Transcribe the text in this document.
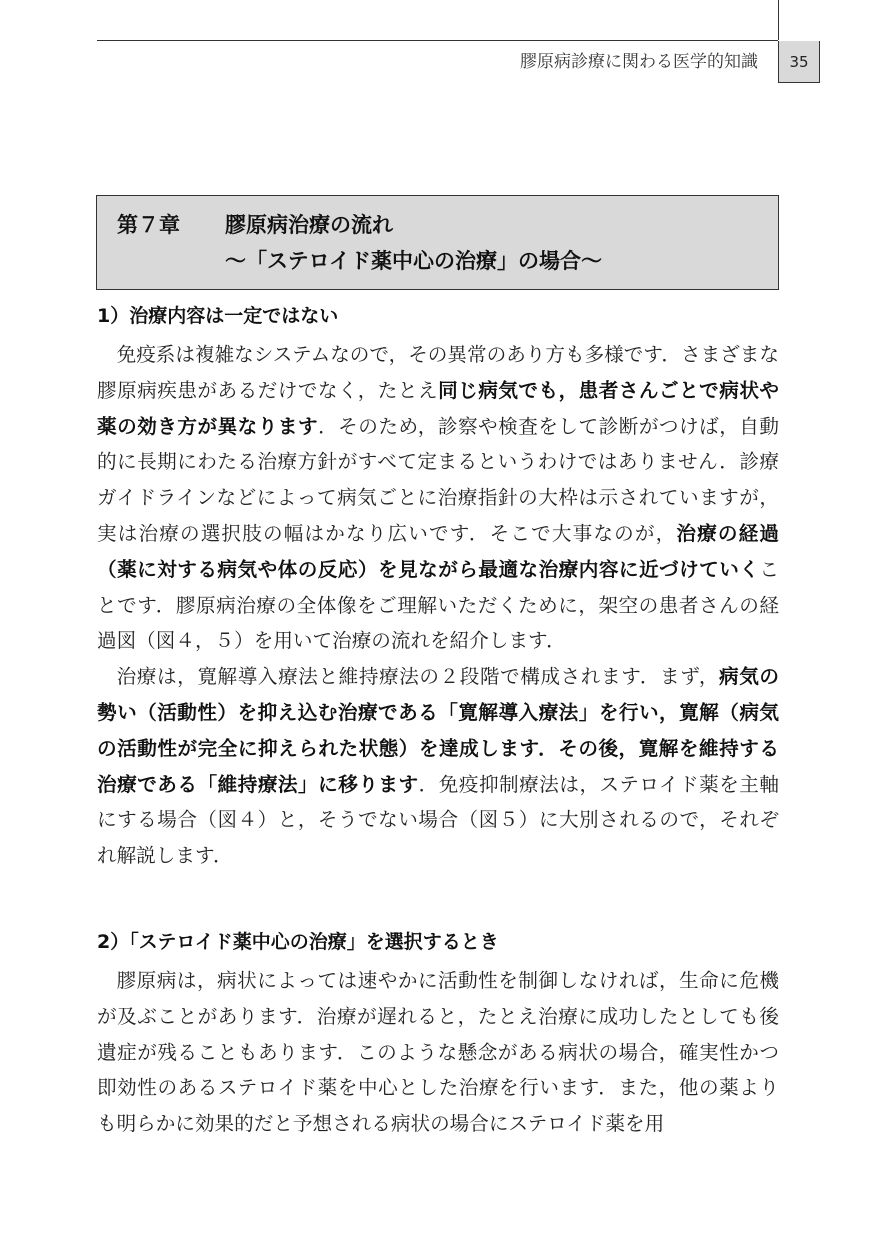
膠原病診療に関わる医学的知識	35
第７章 膠原病治療の流れ
～「ステロイド薬中心の治療」の場合～
1）治療内容は一定ではない

免疫系は複雑なシステムなので，その異常のあり方も多様です．さまざまな膠原病疾患があるだけでなく，たとえ同じ病気でも，患者さんごとで病状や薬の効き方が異なります．そのため，診察や検査をして診断がつけば，自動的に長期にわたる治療方針がすべて定まるというわけではありません．診療ガイドラインなどによって病気ごとに治療指針の大枠は示されていますが，実は治療の選択肢の幅はかなり広いです．そこで大事なのが，治療の経過（薬に対する病気や体の反応）を見ながら最適な治療内容に近づけていくことです．膠原病治療の全体像をご理解いただくために，架空の患者さんの経過図（図４，５）を用いて治療の流れを紹介します．

治療は，寛解導入療法と維持療法の２段階で構成されます．まず，病気の勢い（活動性）を抑え込む治療である「寛解導入療法」を行い，寛解（病気の活動性が完全に抑えられた状態）を達成します．その後，寛解を維持する治療である「維持療法」に移ります．免疫抑制療法は，ステロイド薬を主軸にする場合（図４）と，そうでない場合（図５）に大別されるので，それぞれ解説します．

2）「ステロイド薬中心の治療」を選択するとき

膠原病は，病状によっては速やかに活動性を制御しなければ，生命に危機が及ぶことがあります．治療が遅れると，たとえ治療に成功したとしても後遺症が残ることもあります．このような懸念がある病状の場合，確実性かつ即効性のあるステロイド薬を中心とした治療を行います．また，他の薬よりも明らかに効果的だと予想される病状の場合にステロイド薬を用
